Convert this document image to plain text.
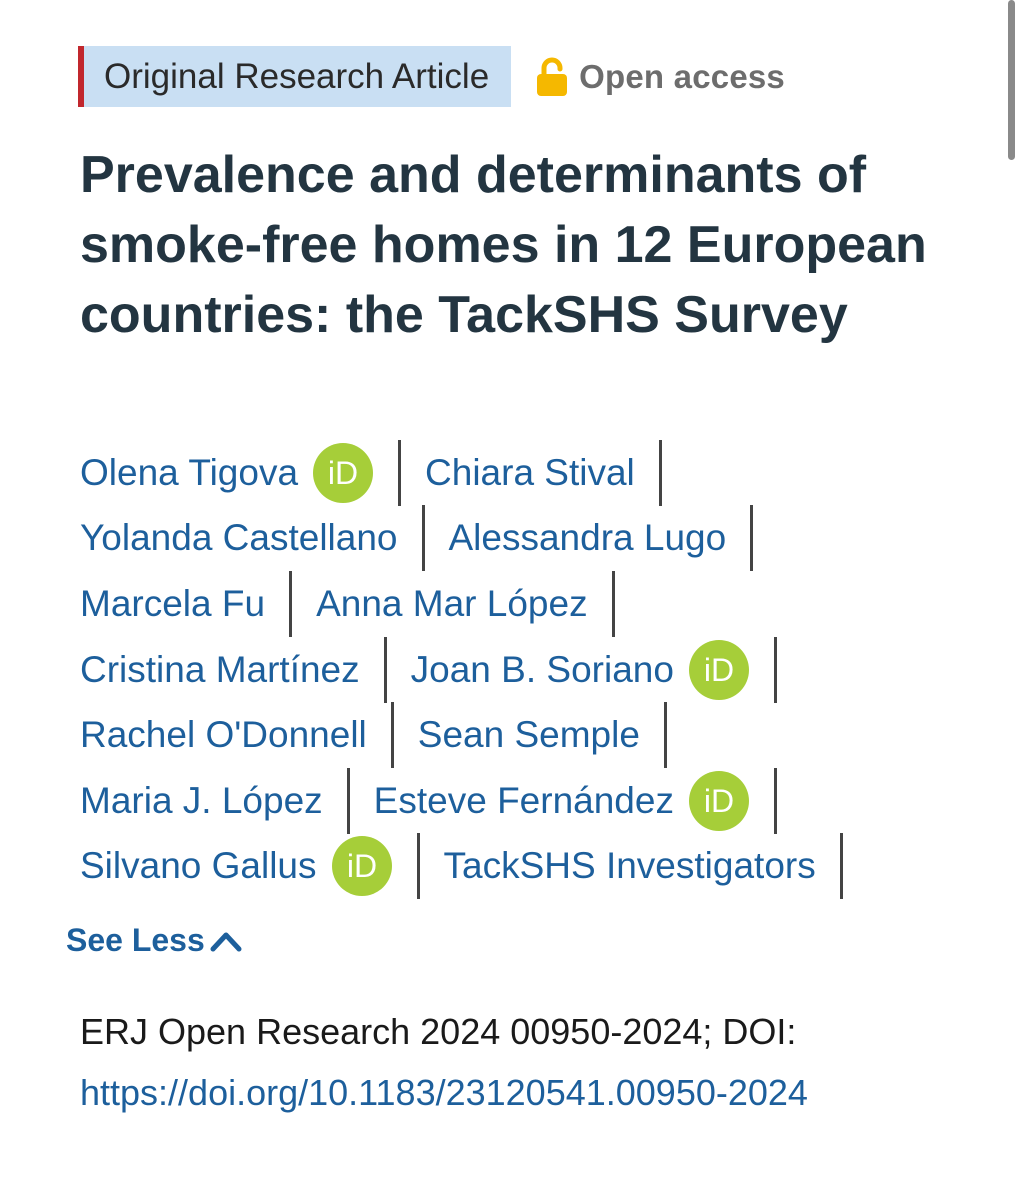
Original Research Article	Open access
Prevalence and determinants of smoke-free homes in 12 European countries: the TackSHS Survey
Olena Tigova iD Chiara Stival
Yolanda Castellano Alessandra Lugo
Marcela Fu Anna Mar López
Cristina Martínez Joan B. Soriano iD
Rachel O'Donnell Sean Semple
Maria J. López Esteve Fernández iD
Silvano Gallus iD TackSHS Investigators
See Less
ERJ Open Research 2024 00950-2024; DOI:
https://doi.org/10.1183/23120541.00950-2024
